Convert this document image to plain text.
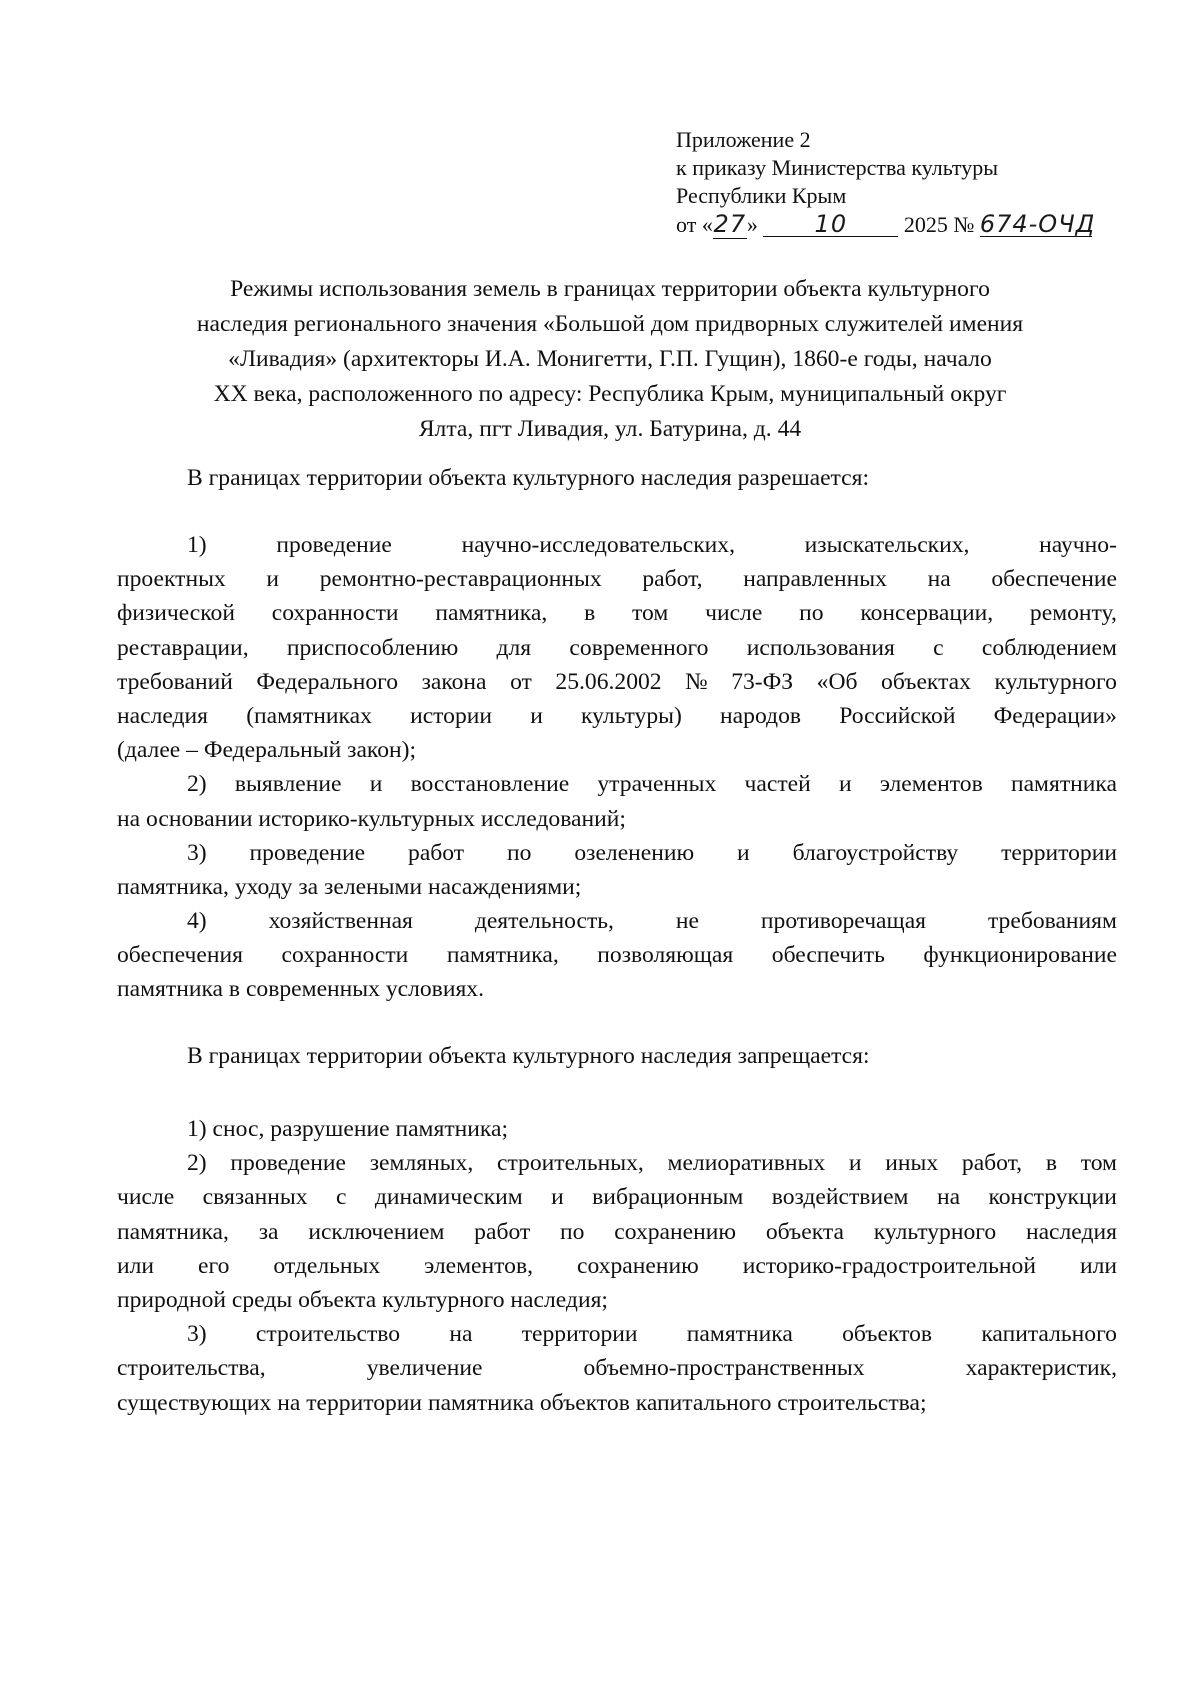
Приложение 2
к приказу Министерства культуры
Республики Крым
от «27» 10	2025 № 674-ОЧД
Режимы использования земель в границах территории объекта культурного
наследия регионального значения «Большой дом придворных служителей имения
«Ливадия» (архитекторы И.А. Монигетти, Г.П. Гущин), 1860-е годы, начало
XX века, расположенного по адресу: Республика Крым, муниципальный округ
Ялта, пгт Ливадия, ул. Батурина, д. 44
В границах территории объекта культурного наследия разрешается:
1)	проведение	научно-исследовательских,	изыскательских,	научно-
проектных и ремонтно-реставрационных работ, направленных на обеспечение
физической сохранности памятника, в том числе по консервации, ремонту,
реставрации, приспособлению для современного использования с соблюдением
требований Федерального закона от 25.06.2002 № 73-ФЗ «Об объектах культурного
наследия (памятниках истории и культуры) народов Российской Федерации»
(далее – Федеральный закон);
2) выявление и восстановление утраченных частей и элементов памятника
на основании историко-культурных исследований;
3) проведение работ по озеленению и благоустройству территории
памятника, уходу за зелеными насаждениями;
4)	хозяйственная	деятельность,	не	противоречащая	требованиям
обеспечения сохранности памятника, позволяющая обеспечить функционирование
памятника в современных условиях.
В границах территории объекта культурного наследия запрещается:
1) снос, разрушение памятника;
2) проведение земляных, строительных, мелиоративных и иных работ, в том
числе связанных с динамическим и вибрационным воздействием на конструкции
памятника, за исключением работ по сохранению объекта культурного наследия
или его отдельных элементов, сохранению историко-градостроительной или
природной среды объекта культурного наследия;
3) строительство на территории памятника объектов капитального
строительства,	увеличение	объемно-пространственных	характеристик,
существующих на территории памятника объектов капитального строительства;
